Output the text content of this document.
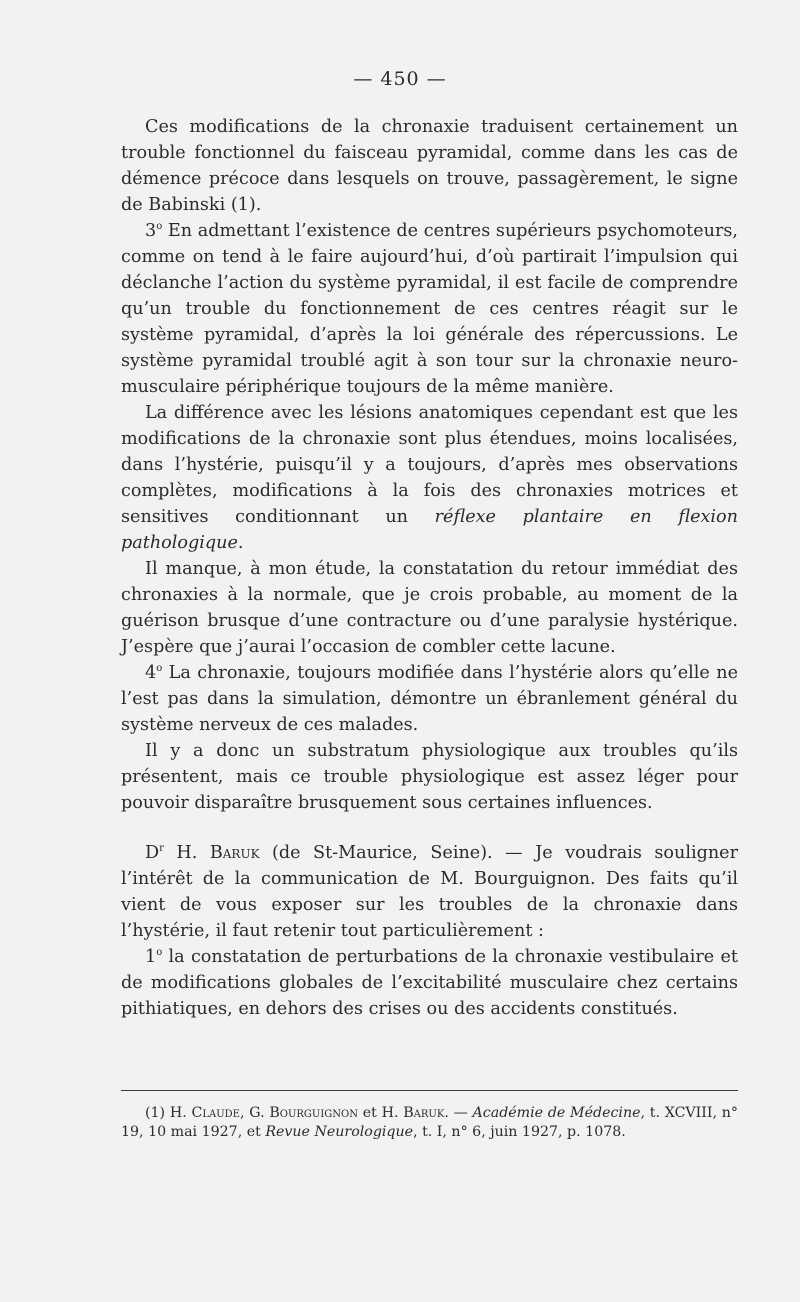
— 450 —

Ces modifications de la chronaxie traduisent certainement un trouble fonctionnel du faisceau pyramidal, comme dans les cas de démence précoce dans lesquels on trouve, passagèrement, le signe de Babinski (1).

3$^o$ En admettant l’existence de centres supérieurs psychomoteurs, comme on tend à le faire aujourd’hui, d’où partirait l’impulsion qui déclanche l’action du système pyramidal, il est facile de comprendre qu’un trouble du fonctionnement de ces centres réagit sur le système pyramidal, d’après la loi générale des répercussions. Le système pyramidal troublé agit à son tour sur la chronaxie neuro-musculaire périphérique toujours de la même manière.

La différence avec les lésions anatomiques cependant est que les modifications de la chronaxie sont plus étendues, moins localisées, dans l’hystérie, puisqu’il y a toujours, d’après mes observations complètes, modifications à la fois des chronaxies motrices et sensitives conditionnant un réflexe plantaire en flexion pathologique.

Il manque, à mon étude, la constatation du retour immédiat des chronaxies à la normale, que je crois probable, au moment de la guérison brusque d’une contracture ou d’une paralysie hystérique. J’espère que j’aurai l’occasion de combler cette lacune.

4$^o$ La chronaxie, toujours modifiée dans l’hystérie alors qu’elle ne l’est pas dans la simulation, démontre un ébranlement général du système nerveux de ces malades.

Il y a donc un substratum physiologique aux troubles qu’ils présentent, mais ce trouble physiologique est assez léger pour pouvoir disparaître brusquement sous certaines influences.

$D^r$ H. Baruk (de St-Maurice, Seine). — Je voudrais souligner l’intérêt de la communication de M. Bourguignon. Des faits qu’il vient de vous exposer sur les troubles de la chronaxie dans l’hystérie, il faut retenir tout particulièrement :

1$^o$ la constatation de perturbations de la chronaxie vestibulaire et de modifications globales de l’excitabilité musculaire chez certains pithiatiques, en dehors des crises ou des accidents constitués.

(1) H. Claude, G. Bourguignon et H. Baruk. — Académie de Médecine, t. XCVIII, n° 19, 10 mai 1927, et Revue Neurologique, t. I, n° 6, juin 1927, p. 1078.
